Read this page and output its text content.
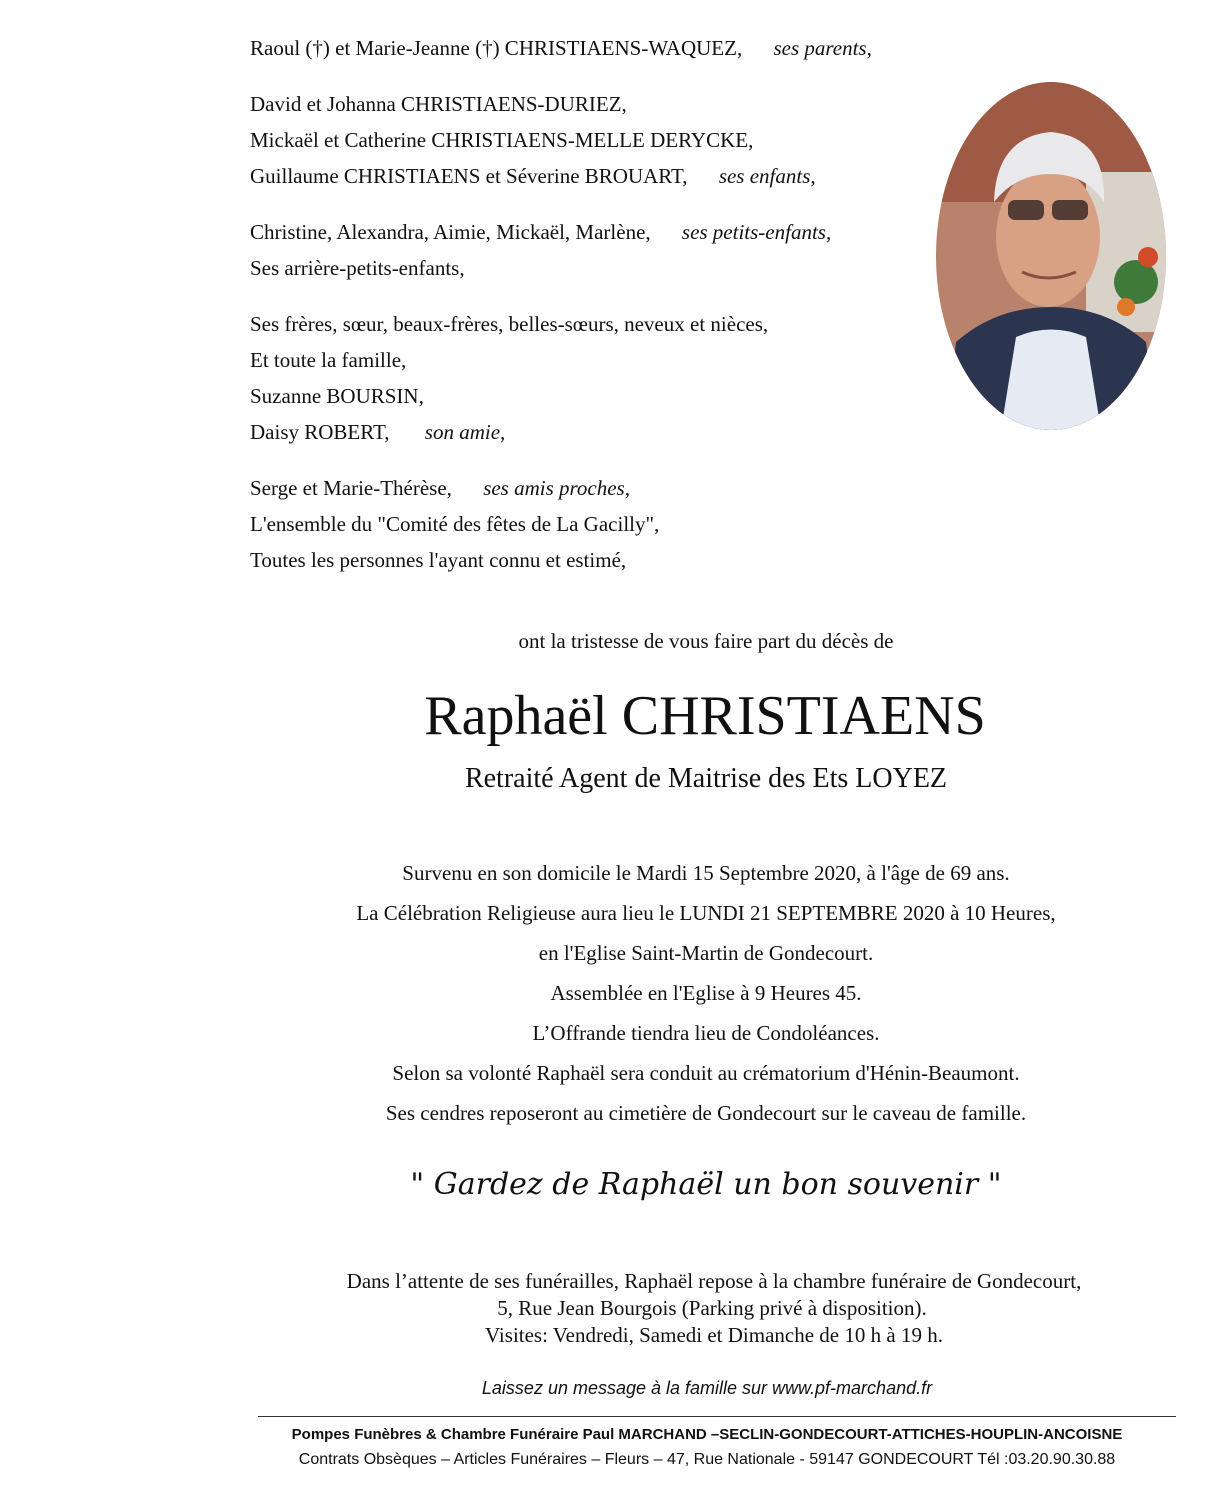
Raoul (†) et Marie-Jeanne (†) CHRISTIAENS-WAQUEZ, ses parents,
David et Johanna CHRISTIAENS-DURIEZ,
Mickaël et Catherine CHRISTIAENS-MELLE DERYCKE,
Guillaume CHRISTIAENS et Séverine BROUART, ses enfants,
Christine, Alexandra, Aimie, Mickaël, Marlène, ses petits-enfants,
Ses arrière-petits-enfants,
Ses frères, sœur, beaux-frères, belles-sœurs, neveux et nièces,
Et toute la famille,
Suzanne BOURSIN,
Daisy ROBERT, son amie,
Serge et Marie-Thérèse, ses amis proches,
L'ensemble du "Comité des fêtes de La Gacilly",
Toutes les personnes l'ayant connu et estimé,
ont la tristesse de vous faire part du décès de
Raphaël CHRISTIAENS
Retraité Agent de Maitrise des Ets LOYEZ
Survenu en son domicile le Mardi 15 Septembre 2020, à l'âge de 69 ans.
La Célébration Religieuse aura lieu le LUNDI 21 SEPTEMBRE 2020 à 10 Heures,
en l'Eglise Saint-Martin de Gondecourt.
Assemblée en l'Eglise à 9 Heures 45.
L’Offrande tiendra lieu de Condoléances.
Selon sa volonté Raphaël sera conduit au crématorium d'Hénin-Beaumont.
Ses cendres reposeront au cimetière de Gondecourt sur le caveau de famille.
" Gardez de Raphaël un bon souvenir "
Dans l’attente de ses funérailles, Raphaël repose à la chambre funéraire de Gondecourt,
5, Rue Jean Bourgois (Parking privé à disposition).
Visites: Vendredi, Samedi et Dimanche de 10 h à 19 h.
Laissez un message à la famille sur www.pf-marchand.fr
Pompes Funèbres & Chambre Funéraire Paul MARCHAND –SECLIN-GONDECOURT-ATTICHES-HOUPLIN-ANCOISNE
Contrats Obsèques – Articles Funéraires – Fleurs – 47, Rue Nationale - 59147 GONDECOURT Tél :03.20.90.30.88
